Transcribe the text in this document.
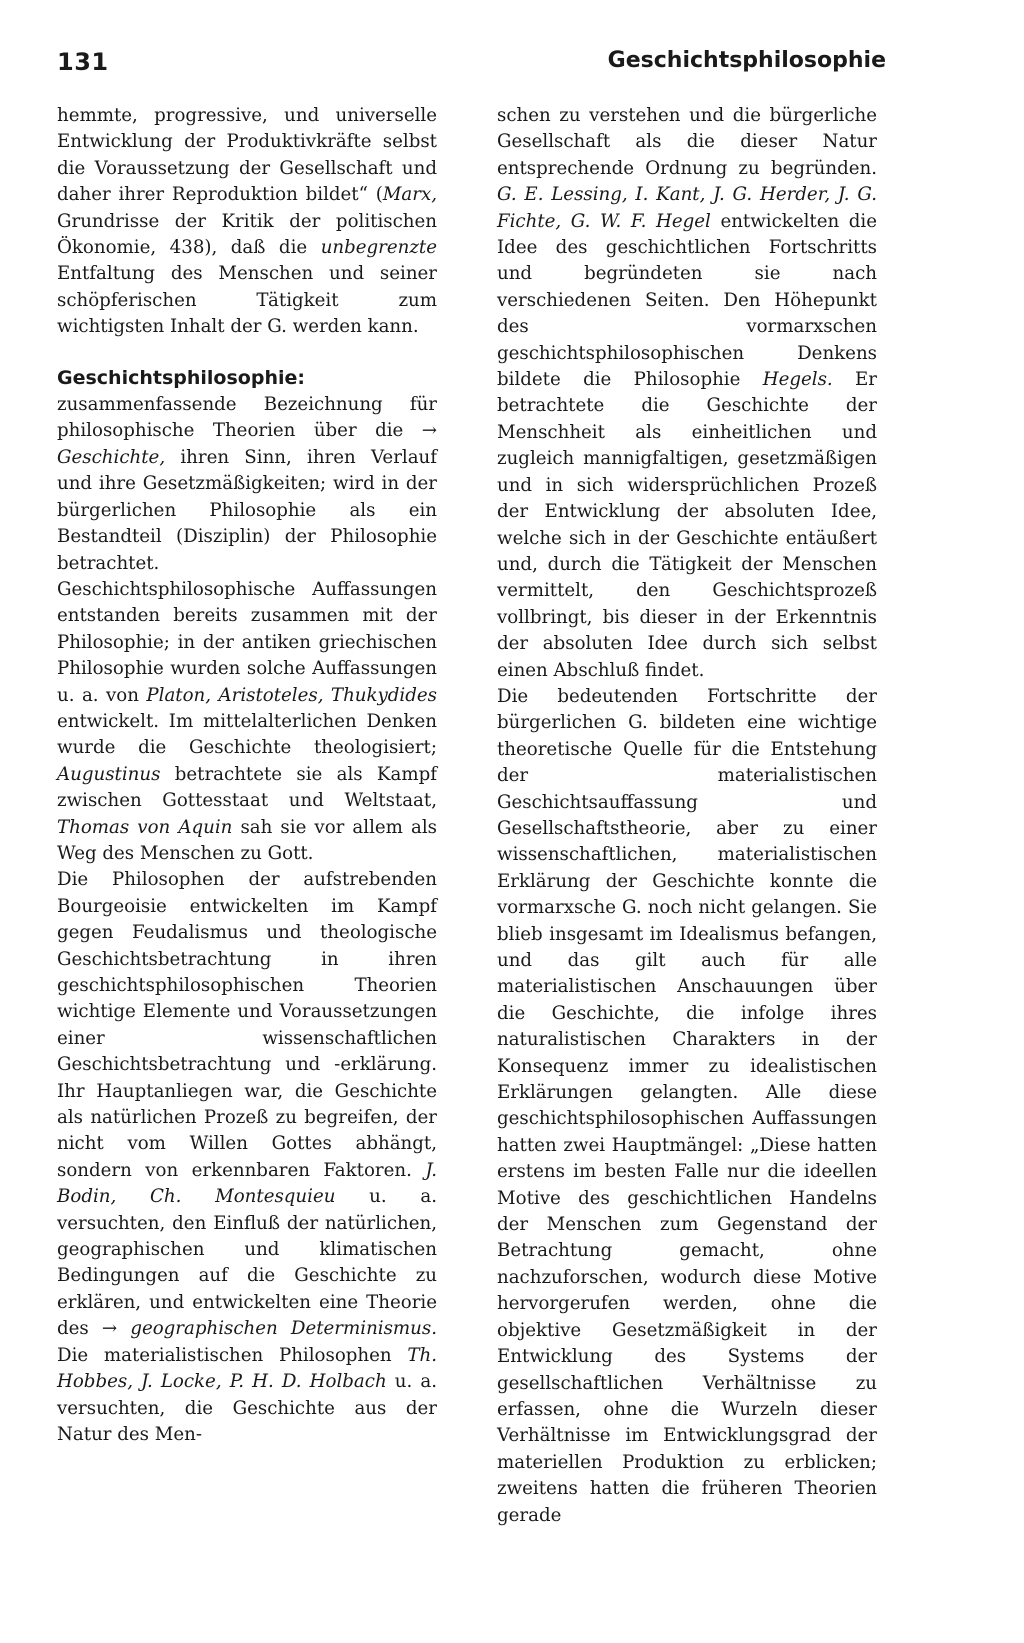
131	Geschichtsphilosophie

hemmte, progressive, und universelle Entwicklung der Produktivkräfte selbst die Voraussetzung der Gesellschaft und daher ihrer Reproduktion bildet“ (Marx, Grundrisse der Kritik der politischen Ökonomie, 438), daß die unbegrenzte Entfaltung des Menschen und seiner schöpferischen Tätigkeit zum wichtigsten Inhalt der G. werden kann.

Geschichtsphilosophie: zusammenfassende Bezeichnung für philosophische Theorien über die → Geschichte, ihren Sinn, ihren Verlauf und ihre Gesetzmäßigkeiten; wird in der bürgerlichen Philosophie als ein Bestandteil (Disziplin) der Philosophie betrachtet.

Geschichtsphilosophische Auffassungen entstanden bereits zusammen mit der Philosophie; in der antiken griechischen Philosophie wurden solche Auffassungen u. a. von Platon, Aristoteles, Thukydides entwickelt. Im mittelalterlichen Denken wurde die Geschichte theologisiert; Augustinus betrachtete sie als Kampf zwischen Gottesstaat und Weltstaat, Thomas von Aquin sah sie vor allem als Weg des Menschen zu Gott.

Die Philosophen der aufstrebenden Bourgeoisie entwickelten im Kampf gegen Feudalismus und theologische Geschichtsbetrachtung in ihren geschichtsphilosophischen Theorien wichtige Elemente und Voraussetzungen einer wissenschaftlichen Geschichtsbetrachtung und -erklärung. Ihr Hauptanliegen war, die Geschichte als natürlichen Prozeß zu begreifen, der nicht vom Willen Gottes abhängt, sondern von erkennbaren Faktoren. J. Bodin, Ch. Montesquieu u. a. versuchten, den Einfluß der natürlichen, geographischen und klimatischen Bedingungen auf die Geschichte zu erklären, und entwickelten eine Theorie des → geographischen Determinismus. Die materialistischen Philosophen Th. Hobbes, J. Locke, P. H. D. Holbach u. a. versuchten, die Geschichte aus der Natur des Men-

schen zu verstehen und die bürgerliche Gesellschaft als die dieser Natur entsprechende Ordnung zu begründen. G. E. Lessing, I. Kant, J. G. Herder, J. G. Fichte, G. W. F. Hegel entwickelten die Idee des geschichtlichen Fortschritts und begründeten sie nach verschiedenen Seiten. Den Höhepunkt des vormarxschen geschichtsphilosophischen Denkens bildete die Philosophie Hegels. Er betrachtete die Geschichte der Menschheit als einheitlichen und zugleich mannigfaltigen, gesetzmäßigen und in sich widersprüchlichen Prozeß der Entwicklung der absoluten Idee, welche sich in der Geschichte entäußert und, durch die Tätigkeit der Menschen vermittelt, den Geschichtsprozeß vollbringt, bis dieser in der Erkenntnis der absoluten Idee durch sich selbst einen Abschluß findet.

Die bedeutenden Fortschritte der bürgerlichen G. bildeten eine wichtige theoretische Quelle für die Entstehung der materialistischen Geschichtsauffassung und Gesellschaftstheorie, aber zu einer wissenschaftlichen, materialistischen Erklärung der Geschichte konnte die vormarxsche G. noch nicht gelangen. Sie blieb insgesamt im Idealismus befangen, und das gilt auch für alle materialistischen Anschauungen über die Geschichte, die infolge ihres naturalistischen Charakters in der Konsequenz immer zu idealistischen Erklärungen gelangten. Alle diese geschichtsphilosophischen Auffassungen hatten zwei Hauptmängel: „Diese hatten erstens im besten Falle nur die ideellen Motive des geschichtlichen Handelns der Menschen zum Gegenstand der Betrachtung gemacht, ohne nachzuforschen, wodurch diese Motive hervorgerufen werden, ohne die objektive Gesetzmäßigkeit in der Entwicklung des Systems der gesellschaftlichen Verhältnisse zu erfassen, ohne die Wurzeln dieser Verhältnisse im Entwicklungsgrad der materiellen Produktion zu erblicken; zweitens hatten die früheren Theorien gerade
